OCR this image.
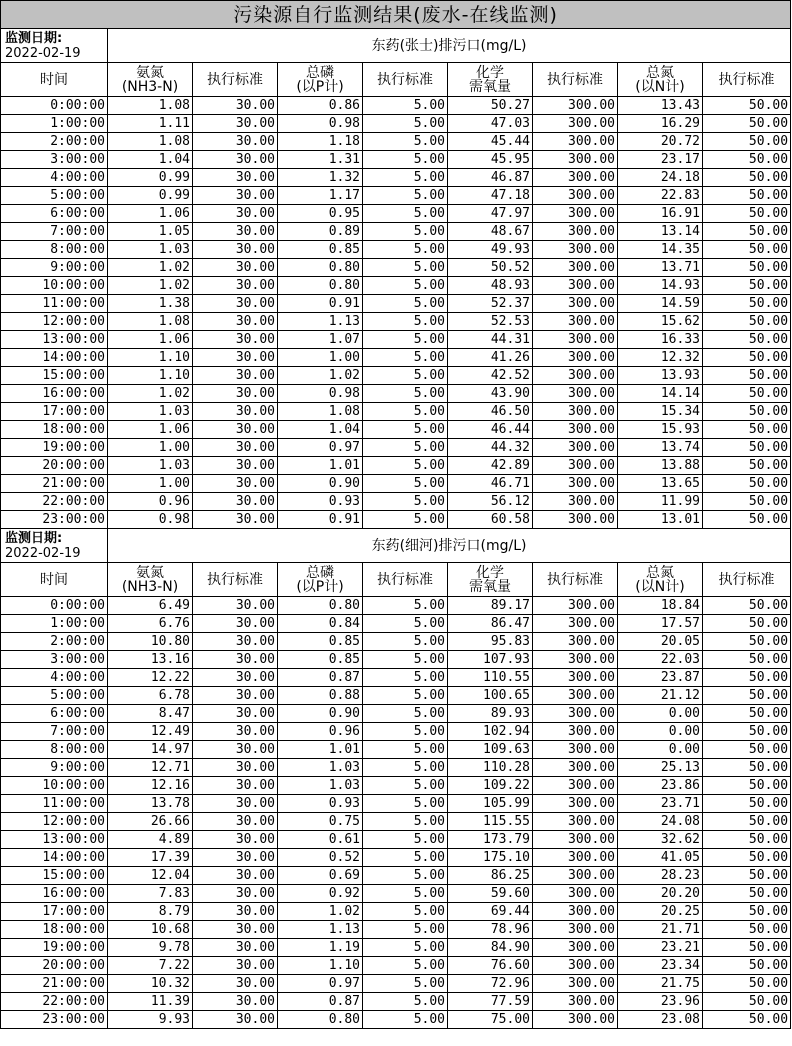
污染源自行监测结果(废水-在线监测)								

监测日期:
2022-02-19	东药(张士)排污口(mg/L)							

时间	氨氮
(NH3-N)	执行标准	总磷
(以P计)	执行标准	化学
需氧量	执行标准	总氮
(以N计)	执行标准

0:00:00	1.08	30.00	0.86	5.00	50.27	300.00	13.43	50.00
1:00:00	1.11	30.00	0.98	5.00	47.03	300.00	16.29	50.00
2:00:00	1.08	30.00	1.18	5.00	45.44	300.00	20.72	50.00
3:00:00	1.04	30.00	1.31	5.00	45.95	300.00	23.17	50.00
4:00:00	0.99	30.00	1.32	5.00	46.87	300.00	24.18	50.00
5:00:00	0.99	30.00	1.17	5.00	47.18	300.00	22.83	50.00
6:00:00	1.06	30.00	0.95	5.00	47.97	300.00	16.91	50.00
7:00:00	1.05	30.00	0.89	5.00	48.67	300.00	13.14	50.00
8:00:00	1.03	30.00	0.85	5.00	49.93	300.00	14.35	50.00
9:00:00	1.02	30.00	0.80	5.00	50.52	300.00	13.71	50.00
10:00:00	1.02	30.00	0.80	5.00	48.93	300.00	14.93	50.00
11:00:00	1.38	30.00	0.91	5.00	52.37	300.00	14.59	50.00
12:00:00	1.08	30.00	1.13	5.00	52.53	300.00	15.62	50.00
13:00:00	1.06	30.00	1.07	5.00	44.31	300.00	16.33	50.00
14:00:00	1.10	30.00	1.00	5.00	41.26	300.00	12.32	50.00
15:00:00	1.10	30.00	1.02	5.00	42.52	300.00	13.93	50.00
16:00:00	1.02	30.00	0.98	5.00	43.90	300.00	14.14	50.00
17:00:00	1.03	30.00	1.08	5.00	46.50	300.00	15.34	50.00
18:00:00	1.06	30.00	1.04	5.00	46.44	300.00	15.93	50.00
19:00:00	1.00	30.00	0.97	5.00	44.32	300.00	13.74	50.00
20:00:00	1.03	30.00	1.01	5.00	42.89	300.00	13.88	50.00
21:00:00	1.00	30.00	0.90	5.00	46.71	300.00	13.65	50.00
22:00:00	0.96	30.00	0.93	5.00	56.12	300.00	11.99	50.00
23:00:00	0.98	30.00	0.91	5.00	60.58	300.00	13.01	50.00

监测日期:
2022-02-19	东药(细河)排污口(mg/L)							

时间	氨氮
(NH3-N)	执行标准	总磷
(以P计)	执行标准	化学
需氧量	执行标准	总氮
(以N计)	执行标准

0:00:00	6.49	30.00	0.80	5.00	89.17	300.00	18.84	50.00
1:00:00	6.76	30.00	0.84	5.00	86.47	300.00	17.57	50.00
2:00:00	10.80	30.00	0.85	5.00	95.83	300.00	20.05	50.00
3:00:00	13.16	30.00	0.85	5.00	107.93	300.00	22.03	50.00
4:00:00	12.22	30.00	0.87	5.00	110.55	300.00	23.87	50.00
5:00:00	6.78	30.00	0.88	5.00	100.65	300.00	21.12	50.00
6:00:00	8.47	30.00	0.90	5.00	89.93	300.00	0.00	50.00
7:00:00	12.49	30.00	0.96	5.00	102.94	300.00	0.00	50.00
8:00:00	14.97	30.00	1.01	5.00	109.63	300.00	0.00	50.00
9:00:00	12.71	30.00	1.03	5.00	110.28	300.00	25.13	50.00
10:00:00	12.16	30.00	1.03	5.00	109.22	300.00	23.86	50.00
11:00:00	13.78	30.00	0.93	5.00	105.99	300.00	23.71	50.00
12:00:00	26.66	30.00	0.75	5.00	115.55	300.00	24.08	50.00
13:00:00	4.89	30.00	0.61	5.00	173.79	300.00	32.62	50.00
14:00:00	17.39	30.00	0.52	5.00	175.10	300.00	41.05	50.00
15:00:00	12.04	30.00	0.69	5.00	86.25	300.00	28.23	50.00
16:00:00	7.83	30.00	0.92	5.00	59.60	300.00	20.20	50.00
17:00:00	8.79	30.00	1.02	5.00	69.44	300.00	20.25	50.00
18:00:00	10.68	30.00	1.13	5.00	78.96	300.00	21.71	50.00
19:00:00	9.78	30.00	1.19	5.00	84.90	300.00	23.21	50.00
20:00:00	7.22	30.00	1.10	5.00	76.60	300.00	23.34	50.00
21:00:00	10.32	30.00	0.97	5.00	72.96	300.00	21.75	50.00
22:00:00	11.39	30.00	0.87	5.00	77.59	300.00	23.96	50.00
23:00:00	9.93	30.00	0.80	5.00	75.00	300.00	23.08	50.00
